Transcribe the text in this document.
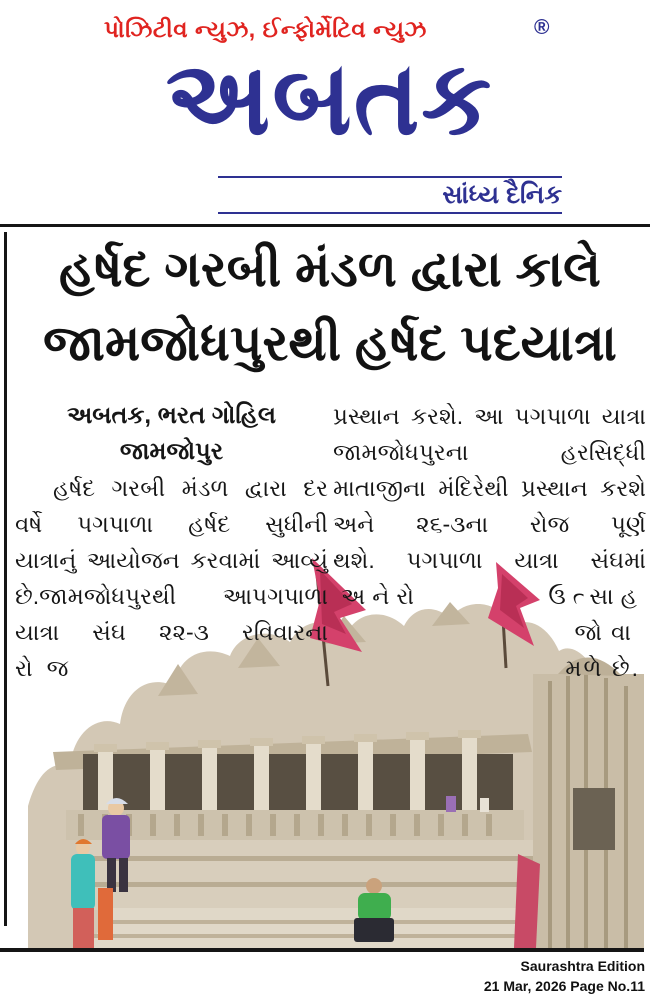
પોઝિટીવ ન્યુઝ, ઈન્ફોર્મેટિવ ન્યુઝ	®
અબતક
સાંધ્ય દૈનિક
હર્ષદ ગરબી મંડળ દ્વારા કાલે
જામજોધપુરથી હર્ષદ પદયાત્રા
અબતક, ભરત ગોહિલ
જામજોપુર
હર્ષદ ગરબી મંડળ દ્વારા દર
વર્ષે પગપાળા હર્ષદ સુધીની
યાત્રાનું આયોજન કરવામાં આવ્યું
છે.જામજોધપુરથી આપગપાળા
યાત્રા સંઘ ૨૨-૩ રવિવારના
રોજ
પ્રસ્થાન કરશે. આ પગપાળા યાત્રા
જામજોધપુરના હરસિદ્ધી
માતાજીના મંદિરેથી પ્રસ્થાન કરશે
અને ૨૬-૩ના રોજ પૂર્ણ
થશે. પગપાળા યાત્રા સંઘમાં
અનેરો	ઉત્સાહ
જોવા
મળે છે.
Saurashtra Edition
21 Mar, 2026 Page No.11
